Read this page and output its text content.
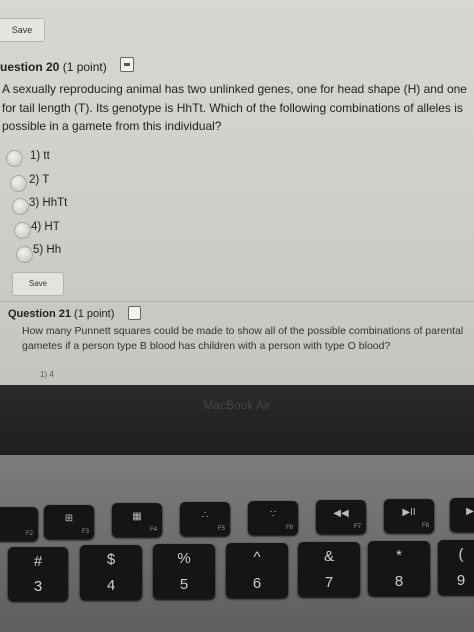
Save
uestion 20 (1 point)
A sexually reproducing animal has two unlinked genes, one for head shape (H) and one for tail length (T). Its genotype is HhTt. Which of the following combinations of alleles is possible in a gamete from this individual?
1) tt
2) T
3) HhTt
4) HT
5) Hh
Save
Question 21 (1 point)
How many Punnett squares could be made to show all of the possible combinations of parental gametes if a person type B blood has children with a person with type O blood?
1) 4
MacBook Air
F2
⊞
F3
▦
F4
∴
F5
∵
F6
◀◀
F7
▶II
F8
▶
#
3
$
4
%
5
^
6
&
7
*
8
(
9
